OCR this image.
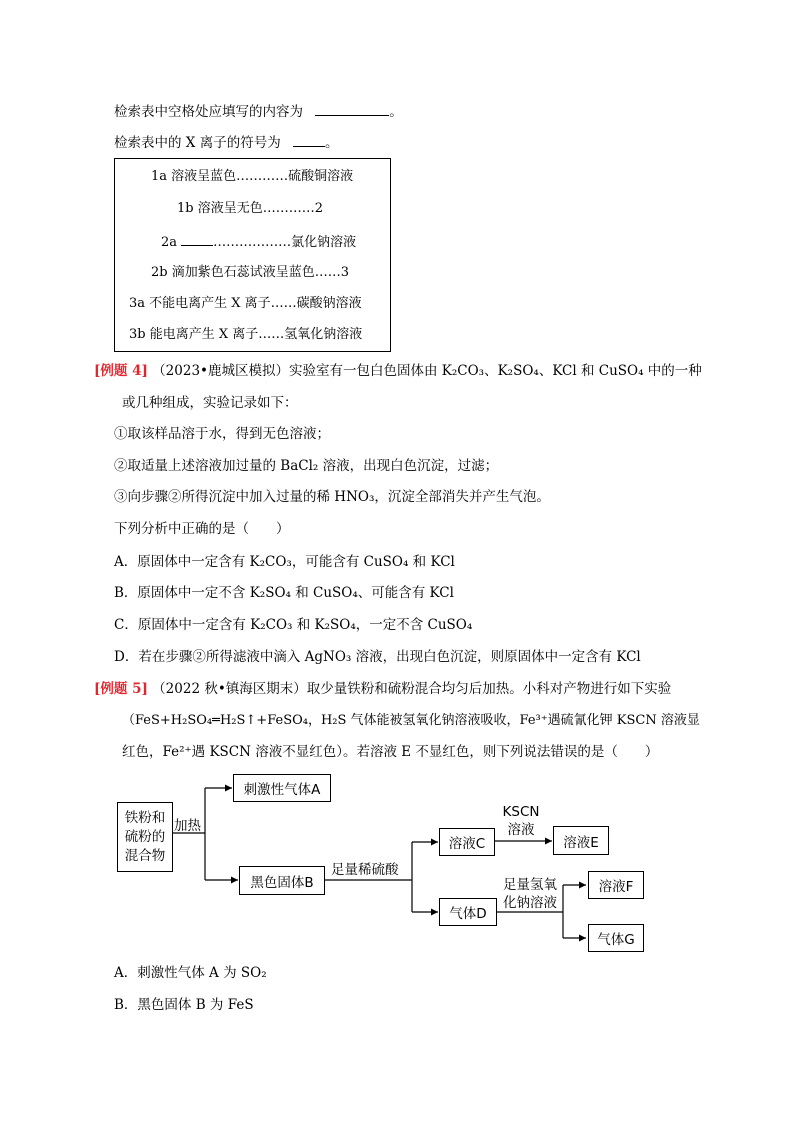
检索表中空格处应填写的内容为	。
检索表中的 X 离子的符号为	。
1a 溶液呈蓝色…………硫酸铜溶液
1b 溶液呈无色…………2
2a	………………氯化钠溶液
2b 滴加紫色石蕊试液呈蓝色……3
3a 不能电离产生 X 离子……碳酸钠溶液
3b 能电离产生 X 离子……氢氧化钠溶液
[例题 4] （2023•鹿城区模拟）实验室有一包白色固体由 K₂CO₃、K₂SO₄、KCl 和 CuSO₄ 中的一种
或几种组成，实验记录如下：
①取该样品溶于水，得到无色溶液；
②取适量上述溶液加过量的 BaCl₂ 溶液，出现白色沉淀，过滤；
③向步骤②所得沉淀中加入过量的稀 HNO₃，沉淀全部消失并产生气泡。
下列分析中正确的是（　　）
A．原固体中一定含有 K₂CO₃，可能含有 CuSO₄ 和 KCl
B．原固体中一定不含 K₂SO₄ 和 CuSO₄、可能含有 KCl
C．原固体中一定含有 K₂CO₃ 和 K₂SO₄，一定不含 CuSO₄
D．若在步骤②所得滤液中滴入 AgNO₃ 溶液，出现白色沉淀，则原固体中一定含有 KCl
[例题 5] （2022 秋•镇海区期末）取少量铁粉和硫粉混合均匀后加热。小科对产物进行如下实验
（FeS+H₂SO₄═H₂S↑+FeSO₄，H₂S 气体能被氢氧化钠溶液吸收，Fe³⁺遇硫氰化钾 KSCN 溶液显
红色，Fe²⁺遇 KSCN 溶液不显红色）。若溶液 E 不显红色，则下列说法错误的是（　　）
铁粉和
硫粉的
混合物
加热
刺激性气体A
黑色固体B
足量稀硫酸
溶液C
KSCN
溶液
溶液E
气体D
足量氢氧
化钠溶液
溶液F
气体G
A．刺激性气体 A 为 SO₂
B．黑色固体 B 为 FeS
